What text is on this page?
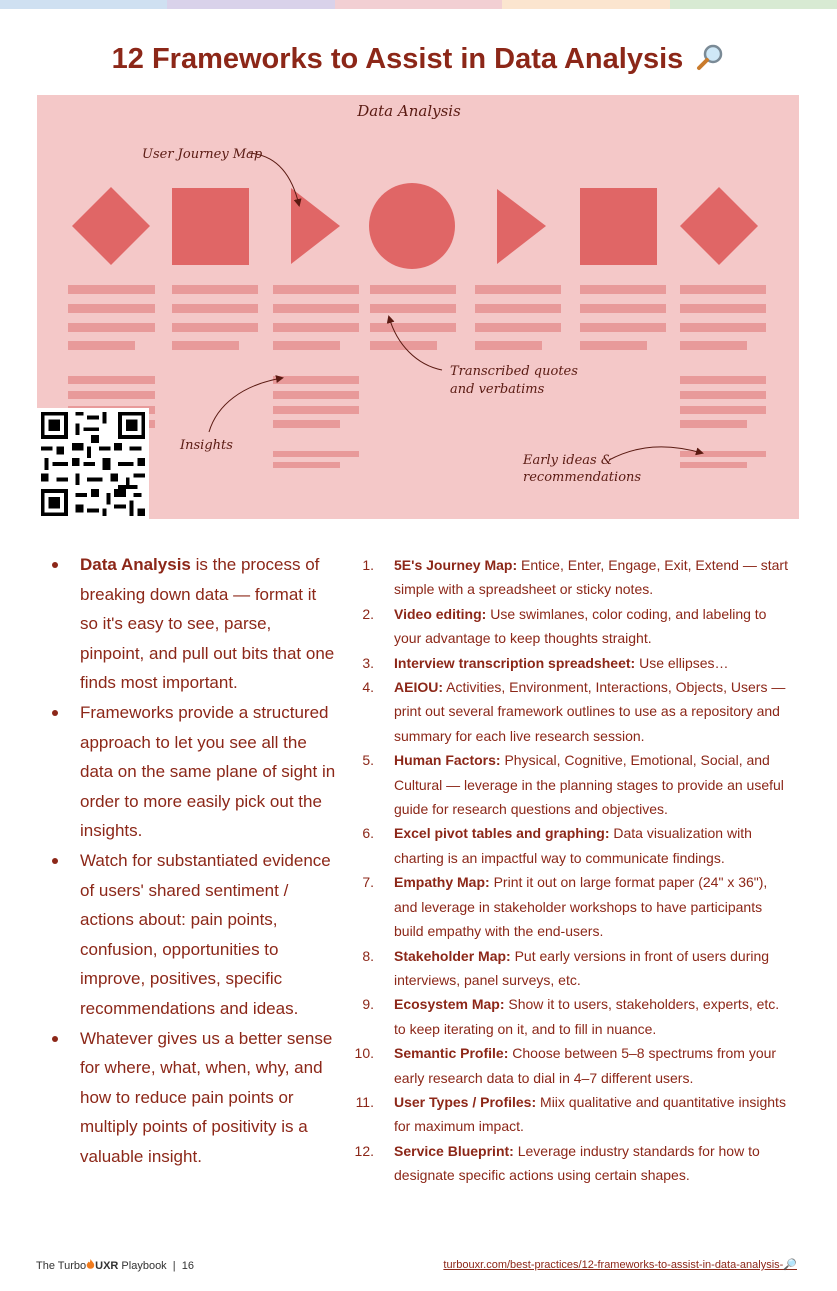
12 Frameworks to Assist in Data Analysis
Data Analysis
User Journey Map
Transcribed quotes
and verbatims
Insights
Early ideas &
recommendations
Data Analysis is the process of breaking down data — format it so it's easy to see, parse, pinpoint, and pull out bits that one finds most important.
Frameworks provide a structured approach to let you see all the data on the same plane of sight in order to more easily pick out the insights.
Watch for substantiated evidence of users' shared sentiment / actions about: pain points, confusion, opportunities to improve, positives, specific recommendations and ideas.
Whatever gives us a better sense for where, what, when, why, and how to reduce pain points or multiply points of positivity is a valuable insight.
1. 5E's Journey Map: Entice, Enter, Engage, Exit, Extend — start simple with a spreadsheet or sticky notes.
2. Video editing: Use swimlanes, color coding, and labeling to your advantage to keep thoughts straight.
3. Interview transcription spreadsheet: Use ellipses…
4. AEIOU: Activities, Environment, Interactions, Objects, Users — print out several framework outlines to use as a repository and summary for each live research session.
5. Human Factors: Physical, Cognitive, Emotional, Social, and Cultural — leverage in the planning stages to provide an useful guide for research questions and objectives.
6. Excel pivot tables and graphing: Data visualization with charting is an impactful way to communicate findings.
7. Empathy Map: Print it out on large format paper (24" x 36"), and leverage in stakeholder workshops to have participants build empathy with the end-users.
8. Stakeholder Map: Put early versions in front of users during interviews, panel surveys, etc.
9. Ecosystem Map: Show it to users, stakeholders, experts, etc. to keep iterating on it, and to fill in nuance.
10. Semantic Profile: Choose between 5–8 spectrums from your early research data to dial in 4–7 different users.
11. User Types / Profiles: Miix qualitative and quantitative insights for maximum impact.
12. Service Blueprint: Leverage industry standards for how to designate specific actions using certain shapes.
The Turbo UXR Playbook  |  16	turbouxr.com/best-practices/12-frameworks-to-assist-in-data-analysis-🔎
